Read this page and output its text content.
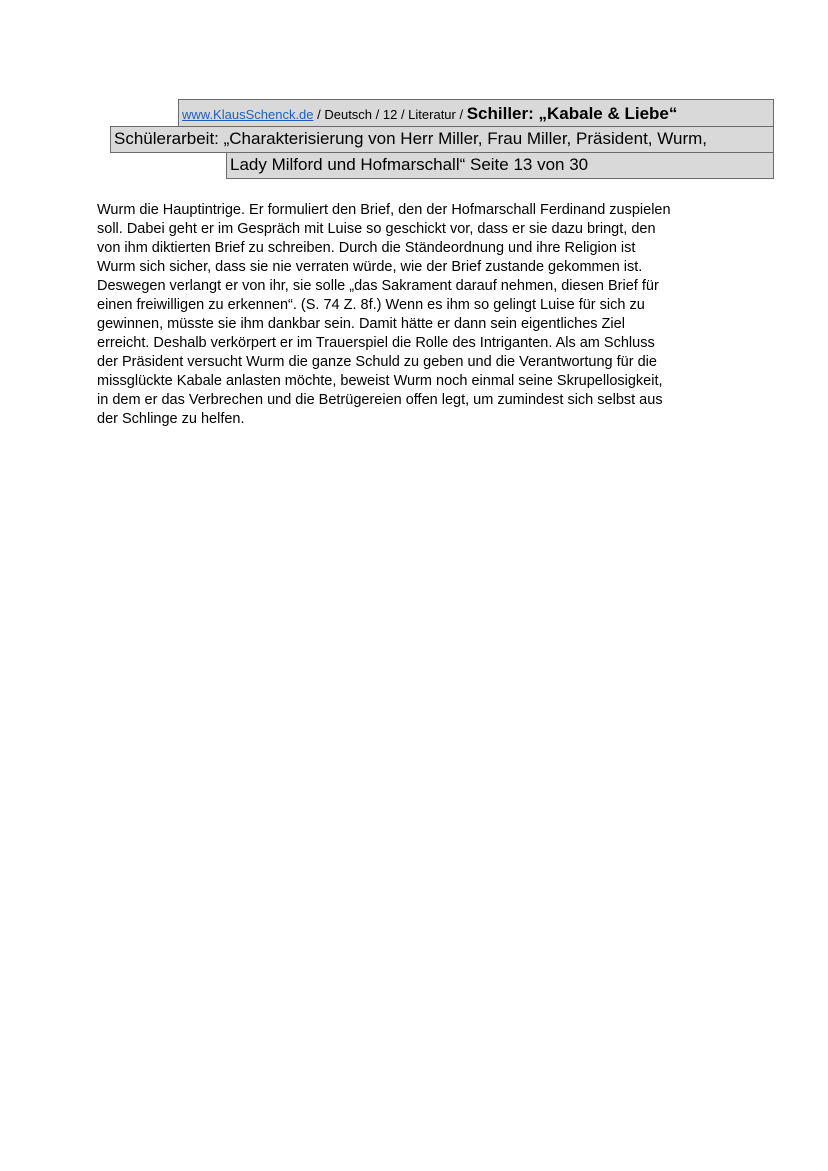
www.KlausSchenck.de / Deutsch / 12 / Literatur / Schiller: „Kabale & Liebe“
Schülerarbeit: „Charakterisierung von Herr Miller, Frau Miller, Präsident, Wurm,
Lady Milford und Hofmarschall“ Seite 13 von 30
Wurm die Hauptintrige. Er formuliert den Brief, den der Hofmarschall Ferdinand zuspielen
soll. Dabei geht er im Gespräch mit Luise so geschickt vor, dass er sie dazu bringt, den
von ihm diktierten Brief zu schreiben. Durch die Ständeordnung und ihre Religion ist
Wurm sich sicher, dass sie nie verraten würde, wie der Brief zustande gekommen ist.
Deswegen verlangt er von ihr, sie solle „das Sakrament darauf nehmen, diesen Brief für
einen freiwilligen zu erkennen“. (S. 74 Z. 8f.) Wenn es ihm so gelingt Luise für sich zu
gewinnen, müsste sie ihm dankbar sein. Damit hätte er dann sein eigentliches Ziel
erreicht. Deshalb verkörpert er im Trauerspiel die Rolle des Intriganten. Als am Schluss
der Präsident versucht Wurm die ganze Schuld zu geben und die Verantwortung für die
missglückte Kabale anlasten möchte, beweist Wurm noch einmal seine Skrupellosigkeit,
in dem er das Verbrechen und die Betrügereien offen legt, um zumindest sich selbst aus
der Schlinge zu helfen.
